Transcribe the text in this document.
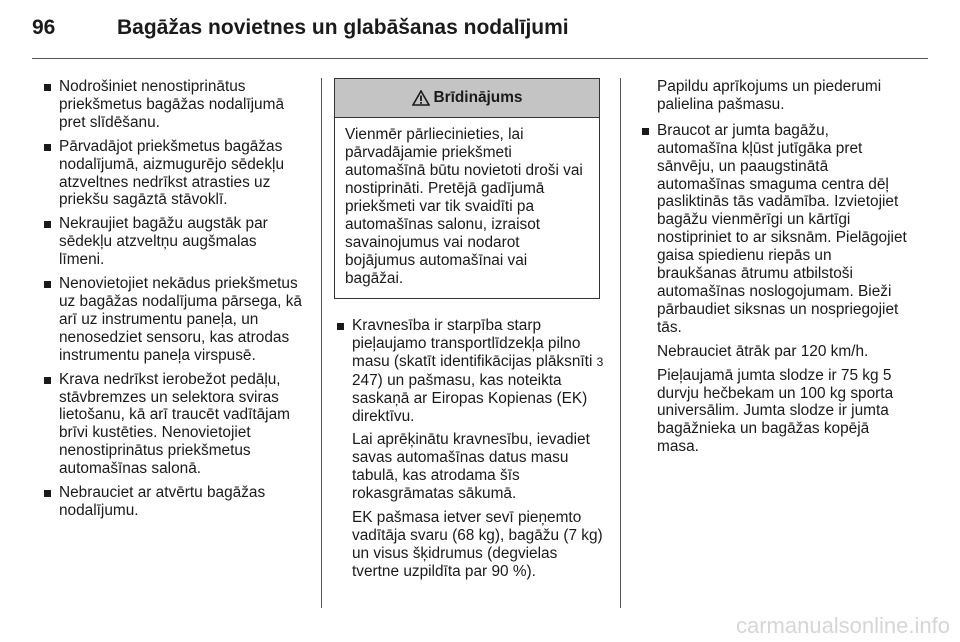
96	Bagāžas novietnes un glabāšanas nodalījumi
Nodrošiniet nenostiprinātus priekšmetus bagāžas nodalījumā pret slīdēšanu.
Pārvadājot priekšmetus bagāžas nodalījumā, aizmugurējo sēdekļu atzveltnes nedrīkst atrasties uz priekšu sagāztā stāvoklī.
Nekraujiet bagāžu augstāk par sēdekļu atzveltņu augšmalas līmeni.
Nenovietojiet nekādus priekšmetus uz bagāžas nodalījuma pārsega, kā arī uz instrumentu paneļa, un nenosedziet sensoru, kas atrodas instrumentu paneļa virspusē.
Krava nedrīkst ierobežot pedāļu, stāvbremzes un selektora sviras lietošanu, kā arī traucēt vadītājam brīvi kustēties. Nenovietojiet nenostiprinātus priekšmetus automašīnas salonā.
Nebrauciet ar atvērtu bagāžas nodalījumu.
Brīdinājums
Vienmēr pārliecinieties, lai pārvadājamie priekšmeti automašīnā būtu novietoti droši vai nostiprināti. Pretējā gadījumā priekšmeti var tik svaidīti pa automašīnas salonu, izraisot savainojumus vai nodarot bojājumus automašīnai vai bagāžai.
Kravnesība ir starpība starp pieļaujamo transportlīdzekļa pilno masu (skatīt identifikācijas plāksnīti 3 247) un pašmasu, kas noteikta saskaņā ar Eiropas Kopienas (EK) direktīvu.
Lai aprēķinātu kravnesību, ievadiet savas automašīnas datus masu tabulā, kas atrodama šīs rokasgrāmatas sākumā.
EK pašmasa ietver sevī pieņemto vadītāja svaru (68 kg), bagāžu (7 kg) un visus šķidrumus (degvielas tvertne uzpildīta par 90 %).
Papildu aprīkojums un piederumi palielina pašmasu.
Braucot ar jumta bagāžu, automašīna kļūst jutīgāka pret sānvēju, un paaugstinātā automašīnas smaguma centra dēļ pasliktinās tās vadāmība. Izvietojiet bagāžu vienmērīgi un kārtīgi nostipriniet to ar siksnām. Pielāgojiet gaisa spiedienu riepās un braukšanas ātrumu atbilstoši automašīnas noslogojumam. Bieži pārbaudiet siksnas un nospriegojiet tās.
Nebrauciet ātrāk par 120 km/h.
Pieļaujamā jumta slodze ir 75 kg 5 durvju hečbekam un 100 kg sporta universālim. Jumta slodze ir jumta bagāžnieka un bagāžas kopējā masa.
carmanualsonline.info
